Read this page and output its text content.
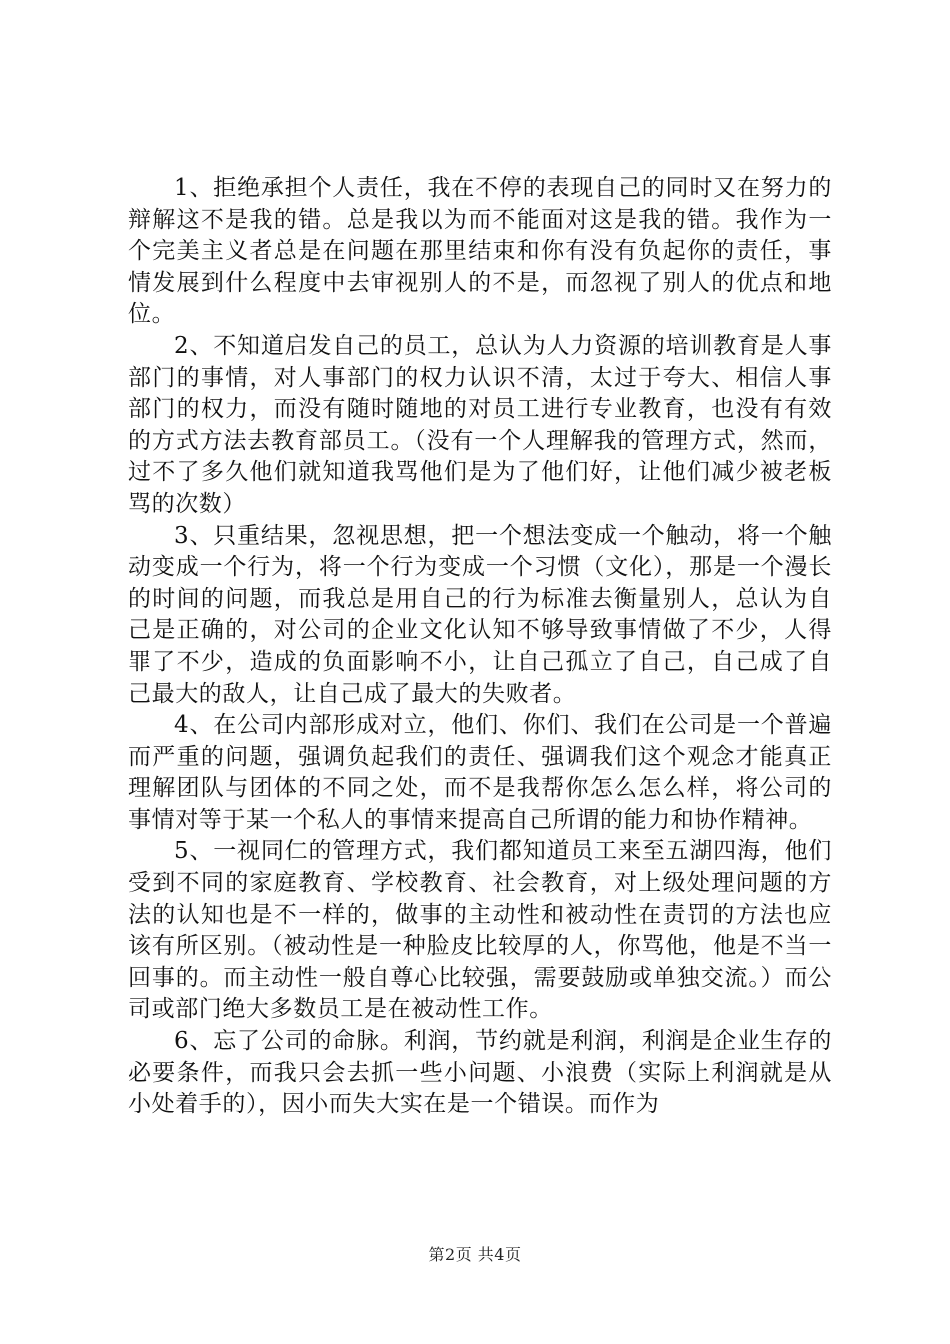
1、拒绝承担个人责任，我在不停的表现自己的同时又在努力的辩解这不是我的错。总是我以为而不能面对这是我的错。我作为一个完美主义者总是在问题在那里结束和你有没有负起你的责任，事情发展到什么程度中去审视别人的不是，而忽视了别人的优点和地位。

2、不知道启发自己的员工，总认为人力资源的培训教育是人事部门的事情，对人事部门的权力认识不清，太过于夸大、相信人事部门的权力，而没有随时随地的对员工进行专业教育，也没有有效的方式方法去教育部员工。（没有一个人理解我的管理方式，然而，过不了多久他们就知道我骂他们是为了他们好，让他们减少被老板骂的次数）

3、只重结果，忽视思想，把一个想法变成一个触动，将一个触动变成一个行为，将一个行为变成一个习惯（文化），那是一个漫长的时间的问题，而我总是用自己的行为标准去衡量别人，总认为自己是正确的，对公司的企业文化认知不够导致事情做了不少，人得罪了不少，造成的负面影响不小，让自己孤立了自己，自己成了自己最大的敌人，让自己成了最大的失败者。

4、在公司内部形成对立，他们、你们、我们在公司是一个普遍而严重的问题，强调负起我们的责任、强调我们这个观念才能真正理解团队与团体的不同之处，而不是我帮你怎么怎么样，将公司的事情对等于某一个私人的事情来提高自己所谓的能力和协作精神。

5、一视同仁的管理方式，我们都知道员工来至五湖四海，他们受到不同的家庭教育、学校教育、社会教育，对上级处理问题的方法的认知也是不一样的，做事的主动性和被动性在责罚的方法也应该有所区别。（被动性是一种脸皮比较厚的人，你骂他，他是不当一回事的。而主动性一般自尊心比较强，需要鼓励或单独交流。）而公司或部门绝大多数员工是在被动性工作。

6、忘了公司的命脉。利润，节约就是利润，利润是企业生存的必要条件，而我只会去抓一些小问题、小浪费（实际上利润就是从小处着手的），因小而失大实在是一个错误。而作为

第2页 共4页
